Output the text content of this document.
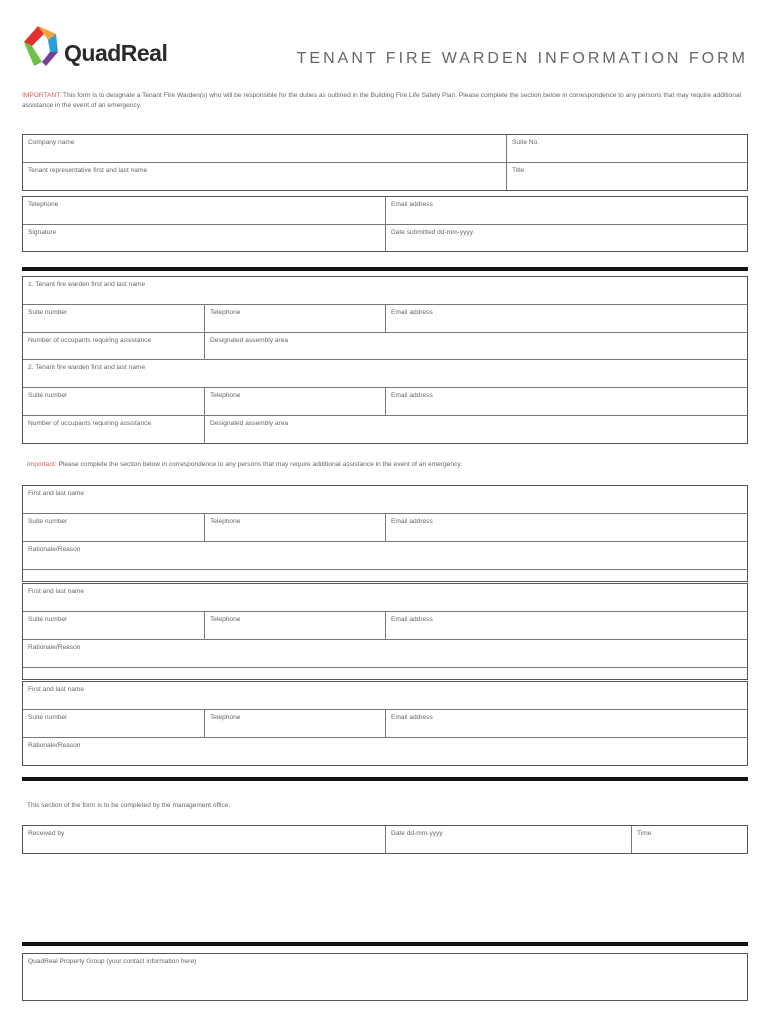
QuadReal	TENANT FIRE WARDEN INFORMATION FORM
IMPORTANT: This form is to designate a Tenant Fire Warden(s) who will be responsible for the duties as outlined in the Building Fire Life Safety Plan. Please complete the section below in correspondence to any persons that may require additional assistance in the event of an emergency.
Company name	Suite No.
Tenant representative first and last name	Title
Telephone	Email address
Signature	Date submitted dd-mm-yyyy
1. Tenant fire warden first and last name
Suite number	Telephone	Email address
Number of occupants requiring assistance	Designated assembly area
2. Tenant fire warden first and last name
Suite number	Telephone	Email address
Number of occupants requiring assistance	Designated assembly area
Important: Please complete the section below in correspondence to any persons that may require additional assistance in the event of an emergency.
First and last name
Suite number	Telephone	Email address
Rationale/Reason
First and last name
Suite number	Telephone	Email address
Rationale/Reason
First and last name
Suite number	Telephone	Email address
Rationale/Reason
This section of the form is to be completed by the management office.
Received by	Date dd-mm-yyyy	Time
QuadReal Property Group (your contact information here)
